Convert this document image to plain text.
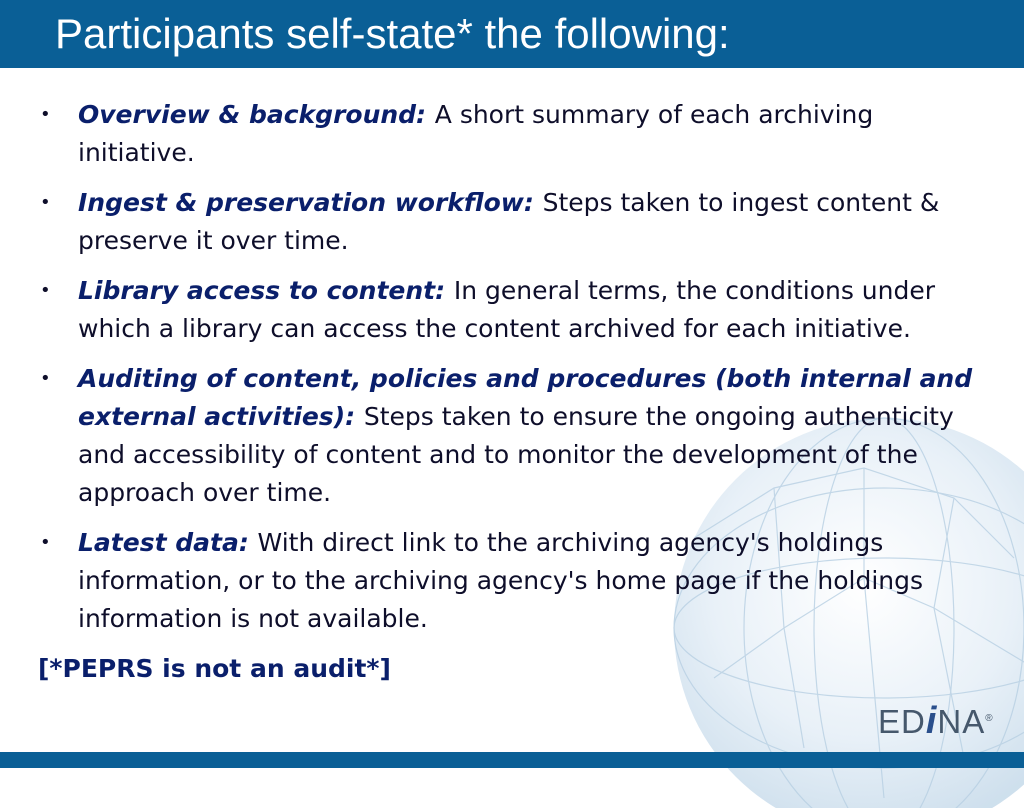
Participants self-state* the following:
• Overview & background: A short summary of each archiving initiative.
• Ingest & preservation workflow: Steps taken to ingest content & preserve it over time.
• Library access to content: In general terms, the conditions under which a library can access the content archived for each initiative.
• Auditing of content, policies and procedures (both internal and external activities): Steps taken to ensure the ongoing authenticity and accessibility of content and to monitor the development of the approach over time.
• Latest data: With direct link to the archiving agency's holdings information, or to the archiving agency's home page if the holdings information is not available.
[*PEPRS is not an audit*]
EDiNA®
